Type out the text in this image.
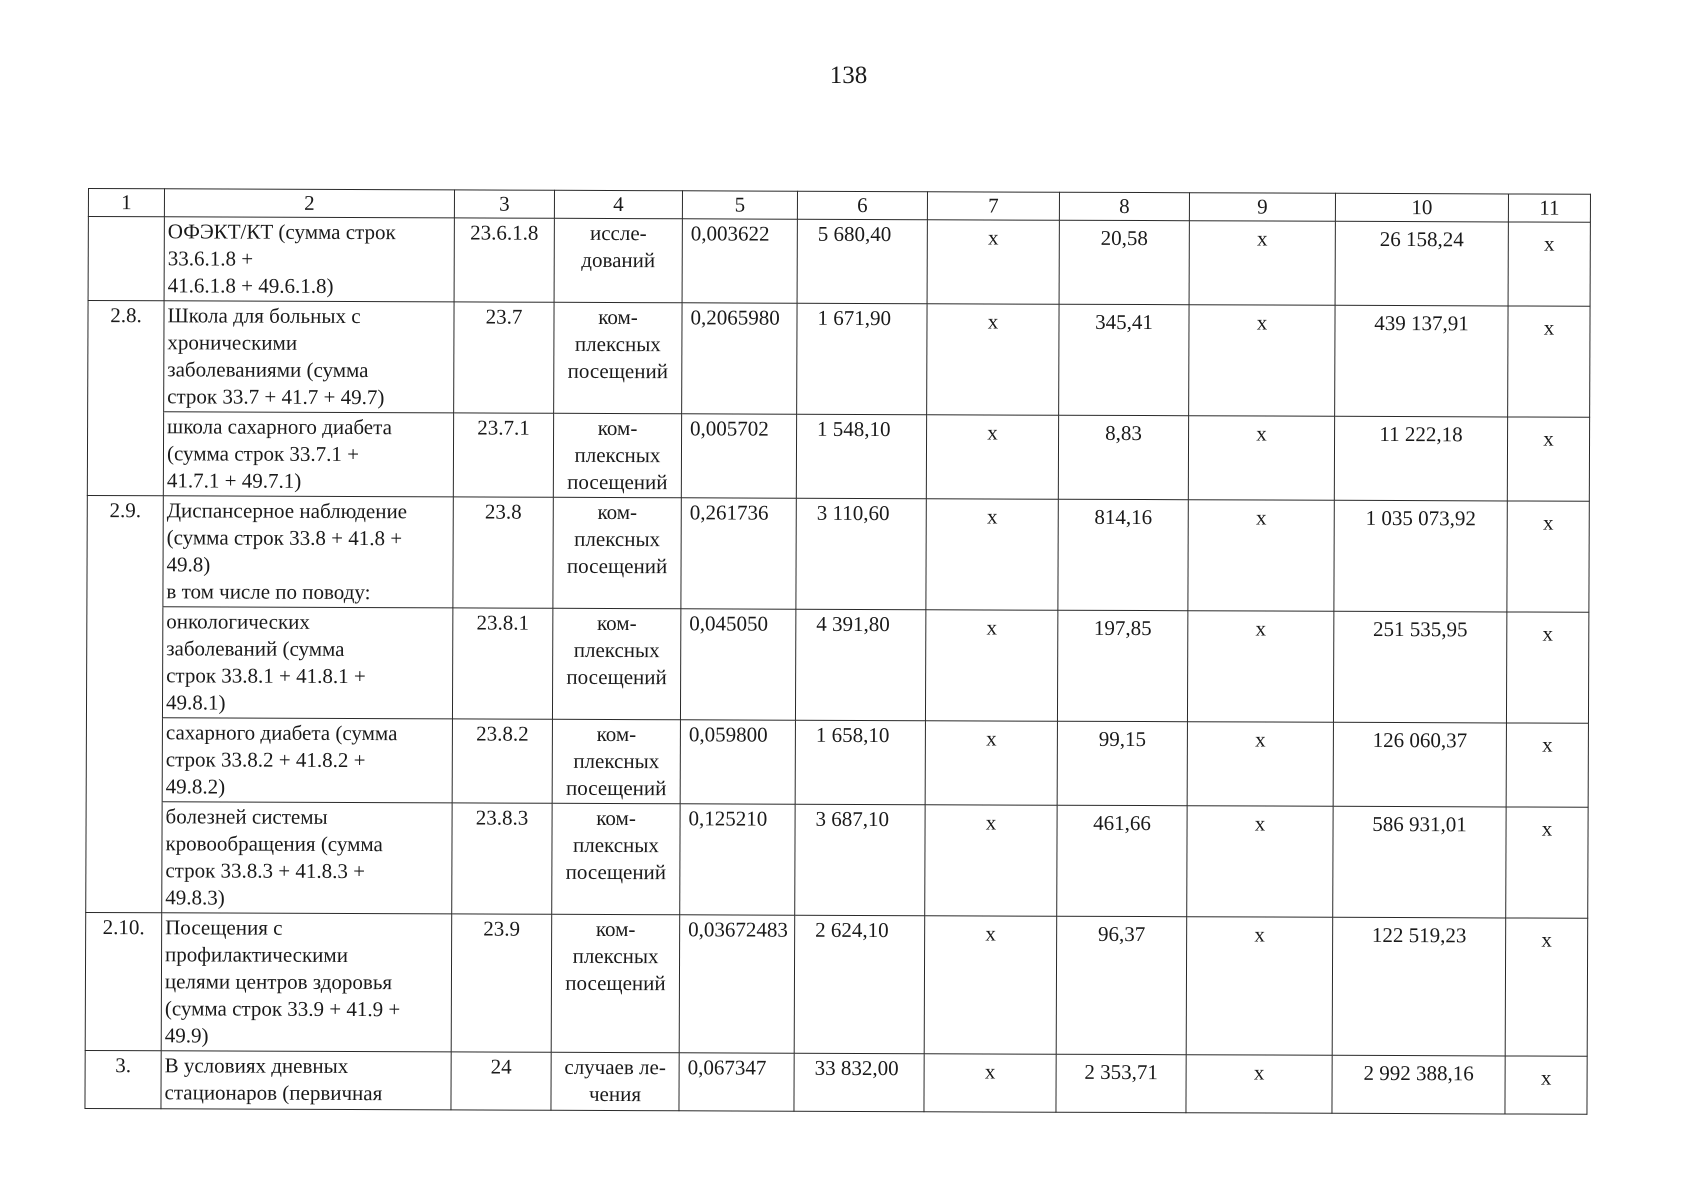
138
1	2	3	4	5	6	7	8	9	10	11

	ОФЭКТ/КТ (сумма строк
33.6.1.8 +
41.6.1.8 + 49.6.1.8)	23.6.1.8	иссле-
дований	0,003622	5 680,40	х	20,58	х	26 158,24	х
2.8.	Школа для больных с
хроническими
заболеваниями (сумма
строк 33.7 + 41.7 + 49.7)	23.7	ком-
плексных
посещений	0,2065980	1 671,90	х	345,41	х	439 137,91	х

	школа сахарного диабета
(сумма строк 33.7.1 +
41.7.1 + 49.7.1)	23.7.1	ком-
плексных
посещений	0,005702	1 548,10	х	8,83	х	11 222,18	х
2.9.	Диспансерное наблюдение
(сумма строк 33.8 + 41.8 +
49.8)
в том числе по поводу:	23.8	ком-
плексных
посещений	0,261736	3 110,60	х	814,16	х	1 035 073,92	х

	онкологических
заболеваний (сумма
строк 33.8.1 + 41.8.1 +
49.8.1)	23.8.1	ком-
плексных
посещений	0,045050	4 391,80	х	197,85	х	251 535,95	х

	сахарного диабета (сумма
строк 33.8.2 + 41.8.2 +
49.8.2)	23.8.2	ком-
плексных
посещений	0,059800	1 658,10	х	99,15	х	126 060,37	х

	болезней системы
кровообращения (сумма
строк 33.8.3 + 41.8.3 +
49.8.3)	23.8.3	ком-
плексных
посещений	0,125210	3 687,10	х	461,66	х	586 931,01	х
2.10.	Посещения с
профилактическими
целями центров здоровья
(сумма строк 33.9 + 41.9 +
49.9)	23.9	ком-
плексных
посещений	0,03672483	2 624,10	х	96,37	х	122 519,23	х
3.	В условиях дневных
стационаров (первичная	24	случаев ле-
чения	0,067347	33 832,00	х	2 353,71	х	2 992 388,16	х
